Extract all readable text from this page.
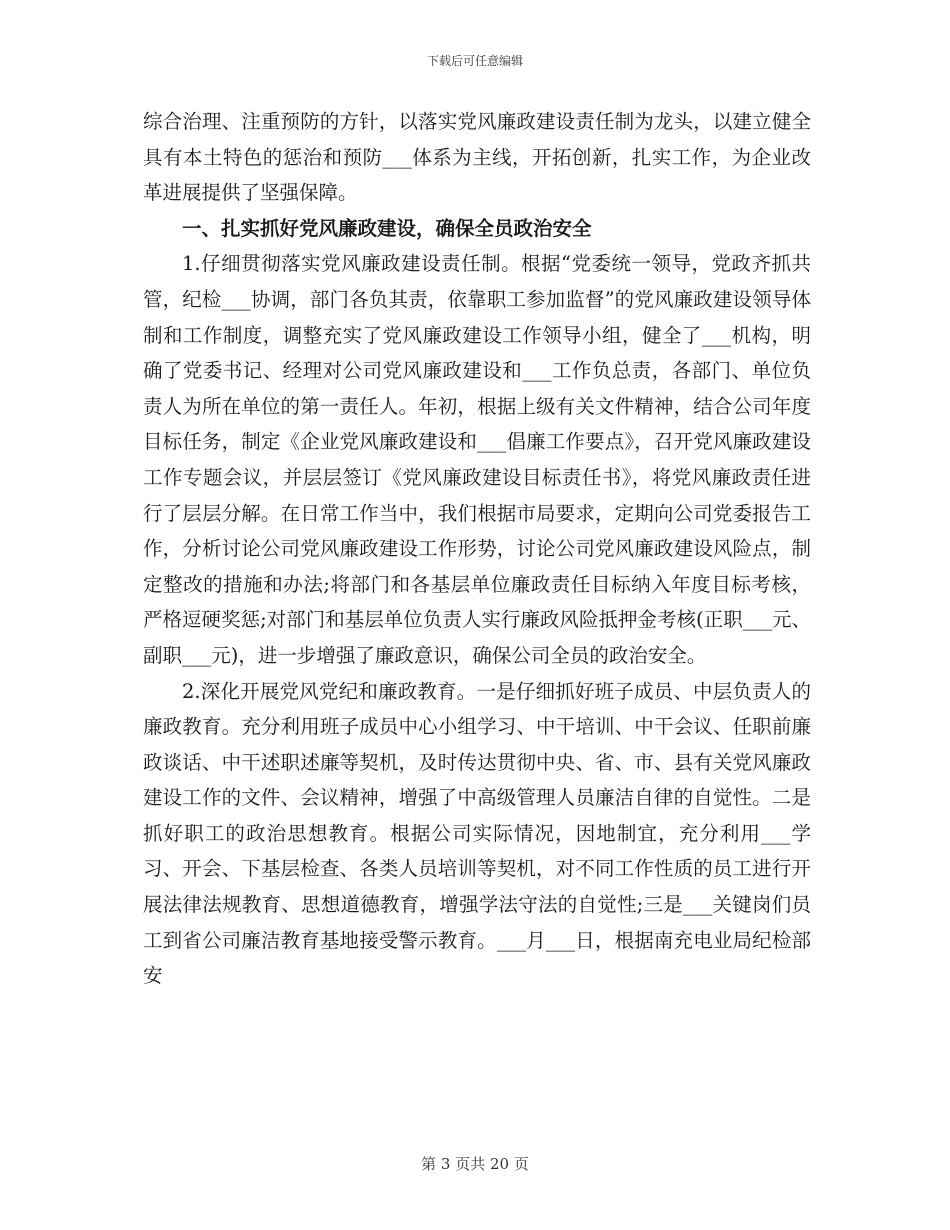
下载后可任意编辑

综合治理、注重预防的方针，以落实党风廉政建设责任制为龙头，以建立健全具有本土特色的惩治和预防___体系为主线，开拓创新，扎实工作，为企业改革进展提供了坚强保障。

一、扎实抓好党风廉政建设，确保全员政治安全

1.仔细贯彻落实党风廉政建设责任制。根据“党委统一领导，党政齐抓共管，纪检___协调，部门各负其责，依靠职工参加监督”的党风廉政建设领导体制和工作制度，调整充实了党风廉政建设工作领导小组，健全了___机构，明确了党委书记、经理对公司党风廉政建设和___工作负总责，各部门、单位负责人为所在单位的第一责任人。年初，根据上级有关文件精神，结合公司年度目标任务，制定《企业党风廉政建设和___倡廉工作要点》，召开党风廉政建设工作专题会议，并层层签订《党风廉政建设目标责任书》，将党风廉政责任进行了层层分解。在日常工作当中，我们根据市局要求，定期向公司党委报告工作，分析讨论公司党风廉政建设工作形势，讨论公司党风廉政建设风险点，制定整改的措施和办法;将部门和各基层单位廉政责任目标纳入年度目标考核，严格逗硬奖惩;对部门和基层单位负责人实行廉政风险抵押金考核(正职___元、副职___元)，进一步增强了廉政意识，确保公司全员的政治安全。

2.深化开展党风党纪和廉政教育。一是仔细抓好班子成员、中层负责人的廉政教育。充分利用班子成员中心小组学习、中干培训、中干会议、任职前廉政谈话、中干述职述廉等契机，及时传达贯彻中央、省、市、县有关党风廉政建设工作的文件、会议精神，增强了中高级管理人员廉洁自律的自觉性。二是抓好职工的政治思想教育。根据公司实际情况，因地制宜，充分利用___学习、开会、下基层检查、各类人员培训等契机，对不同工作性质的员工进行开展法律法规教育、思想道德教育，增强学法守法的自觉性;三是___关键岗们员工到省公司廉洁教育基地接受警示教育。___月___日，根据南充电业局纪检部安

第 3 页共 20 页
